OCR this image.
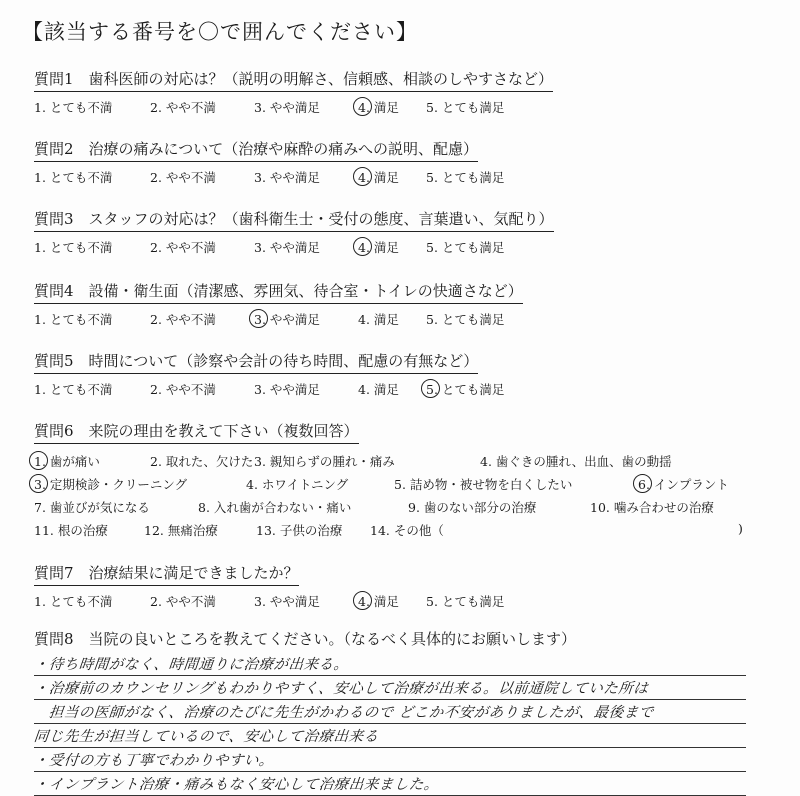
【該当する番号を〇で囲んでください】
質問1　歯科医師の対応は？（説明の明解さ、信頼感、相談のしやすさなど）
1. とても不満	2. やや不満	3. やや満足	4. 満足 5. とても満足
質問2　治療の痛みについて（治療や麻酔の痛みへの説明、配慮）
1. とても不満	2. やや不満	3. やや満足	4. 満足 5. とても満足
質問3　スタッフの対応は？（歯科衛生士・受付の態度、言葉遣い、気配り）
1. とても不満	2. やや不満	3. やや満足	4. 満足 5. とても満足
質問4　設備・衛生面（清潔感、雰囲気、待合室・トイレの快適さなど）
1. とても不満	2. やや不満	3. やや満足	4. 満足 5. とても満足
質問5　時間について（診察や会計の待ち時間、配慮の有無など）
1. とても不満	2. やや不満	3. やや満足	4. 満足 5. とても満足
質問6　来院の理由を教えて下さい（複数回答）
1. 歯が痛い	2. 取れた、欠けた 3. 親知らずの腫れ・痛み	4. 歯ぐきの腫れ、出血、歯の動揺
3. 定期検診・クリーニング	4. ホワイトニング	5. 詰め物・被せ物を白くしたい	6. インプラント
7. 歯並びが気になる	8. 入れ歯が合わない・痛い	9. 歯のない部分の治療	10. 噛み合わせの治療
11. 根の治療	12. 無痛治療	13. 子供の治療 14. その他（	)
質問7　治療結果に満足できましたか？
1. とても不満	2. やや不満	3. やや満足	4. 満足 5. とても満足
質問8　当院の良いところを教えてください。（なるべく具体的にお願いします）
・待ち時間がなく、時間通りに治療が出来る。
・治療前のカウンセリングもわかりやすく、安心して治療が出来る。以前通院していた所は
　担当の医師がなく、治療のたびに先生がかわるので どこか不安がありましたが、最後まで
同じ先生が担当しているので、安心して治療出来る
・受付の方も丁寧でわかりやすい。
・インプラント治療・痛みもなく安心して治療出来ました。
